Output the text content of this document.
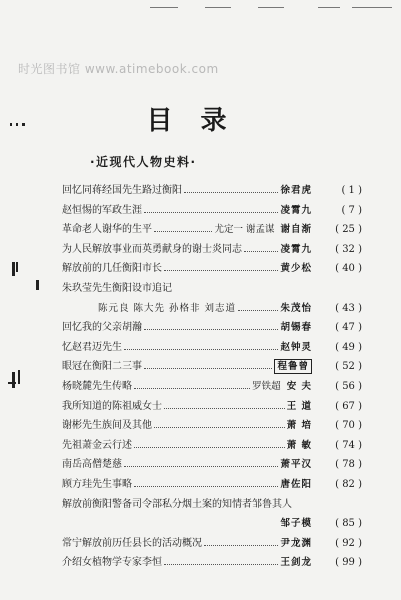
时光图书馆 www.atimebook.com
目录
·近现代人物史料·
回忆同蒋经国先生路过衡阳	徐君虎	( 1 )
赵恒惕的军政生涯	凌霄九	( 7 )
革命老人谢华的生平	尤定一 谢孟谋 谢自渐	( 25 )
为人民解放事业而英勇献身的谢士炎同志	凌霄九	( 32 )
解放前的几任衡阳市长	黄少松	( 40 )
朱玖莹先生衡阳设市追记
陈元良 陈大先 孙格非 刘志道	朱茂怡	( 43 )
回忆我的父亲胡瀚	胡锡春	( 47 )
忆赵君迈先生	赵钟灵	( 49 )
眼冠在衡阳二三事	程鲁曾	( 52 )
杨晓麓先生传略	罗铁超 安 夫	( 56 )
我所知道的陈祖威女士	王 道	( 67 )
谢彬先生族间及其他	萧 培	( 70 )
先祖萧金云行述	萧 敏	( 74 )
南岳高僧楚慈	萧平汉	( 78 )
顾方珪先生事略	唐佐阳	( 82 )
解放前衡阳警备司令部私分烟土案的知情者邹鲁其人
邹子模	( 85 )
常宁解放前历任县长的活动概况	尹龙渊	( 92 )
介绍女植物学专家李恒	王剑龙	( 99 )
